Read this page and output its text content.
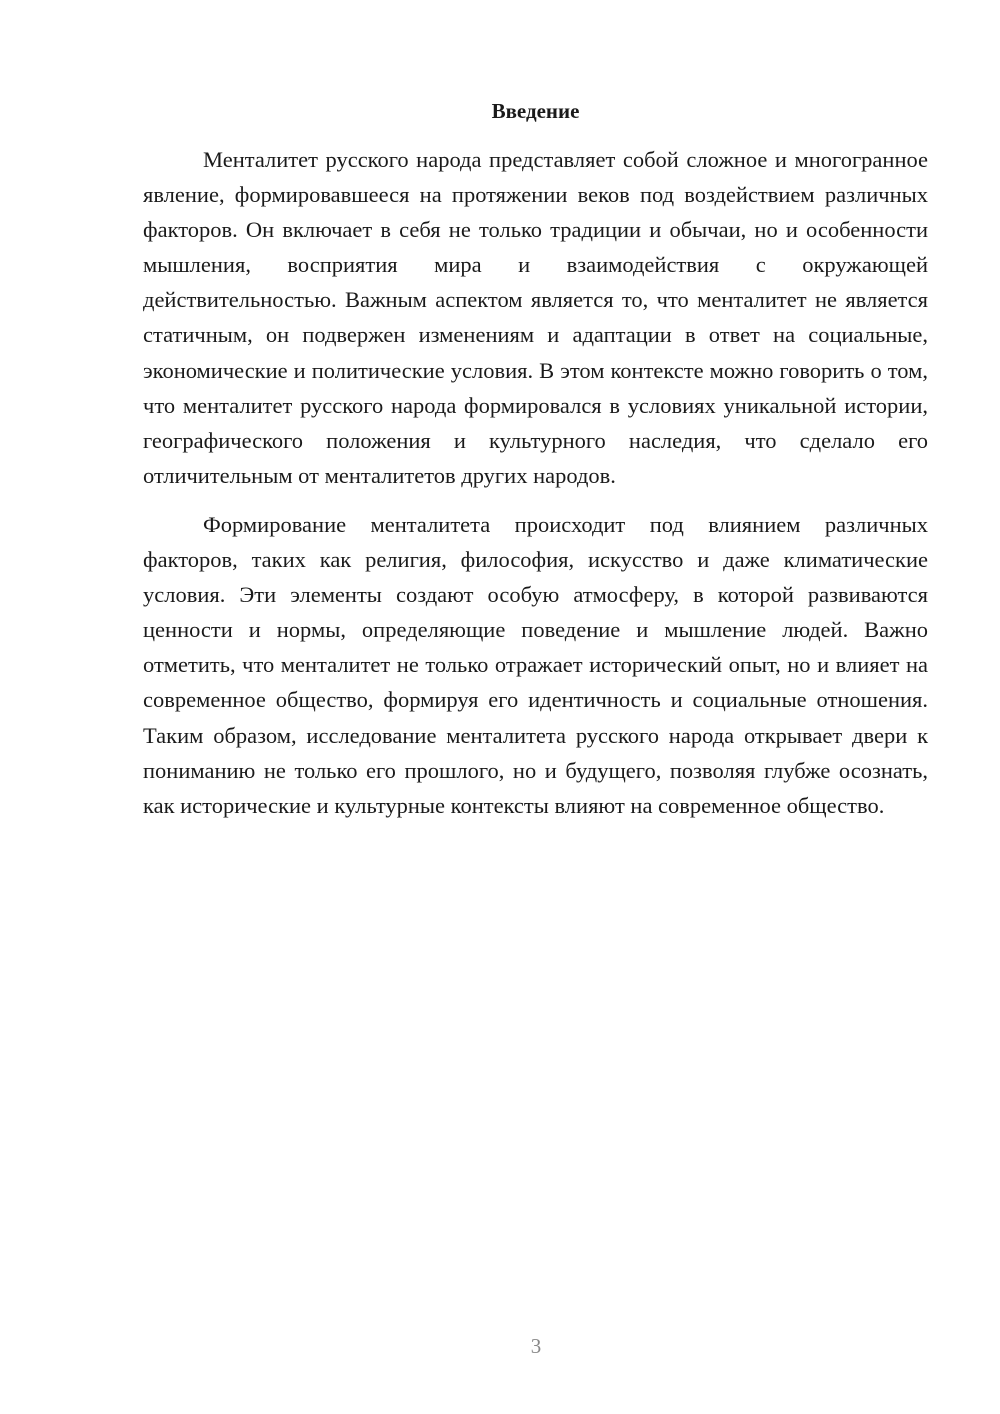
Введение

Менталитет русского народа представляет собой сложное и многогранное явление, формировавшееся на протяжении веков под воздействием различных факторов. Он включает в себя не только традиции и обычаи, но и особенности мышления, восприятия мира и взаимодействия с окружающей действительностью. Важным аспектом является то, что менталитет не является статичным, он подвержен изменениям и адаптации в ответ на социальные, экономические и политические условия. В этом контексте можно говорить о том, что менталитет русского народа формировался в условиях уникальной истории, географического положения и культурного наследия, что сделало его отличительным от менталитетов других народов.

Формирование менталитета происходит под влиянием различных факторов, таких как религия, философия, искусство и даже климатические условия. Эти элементы создают особую атмосферу, в которой развиваются ценности и нормы, определяющие поведение и мышление людей. Важно отметить, что менталитет не только отражает исторический опыт, но и влияет на современное общество, формируя его идентичность и социальные отношения. Таким образом, исследование менталитета русского народа открывает двери к пониманию не только его прошлого, но и будущего, позволяя глубже осознать, как исторические и культурные контексты влияют на современное общество.

3
